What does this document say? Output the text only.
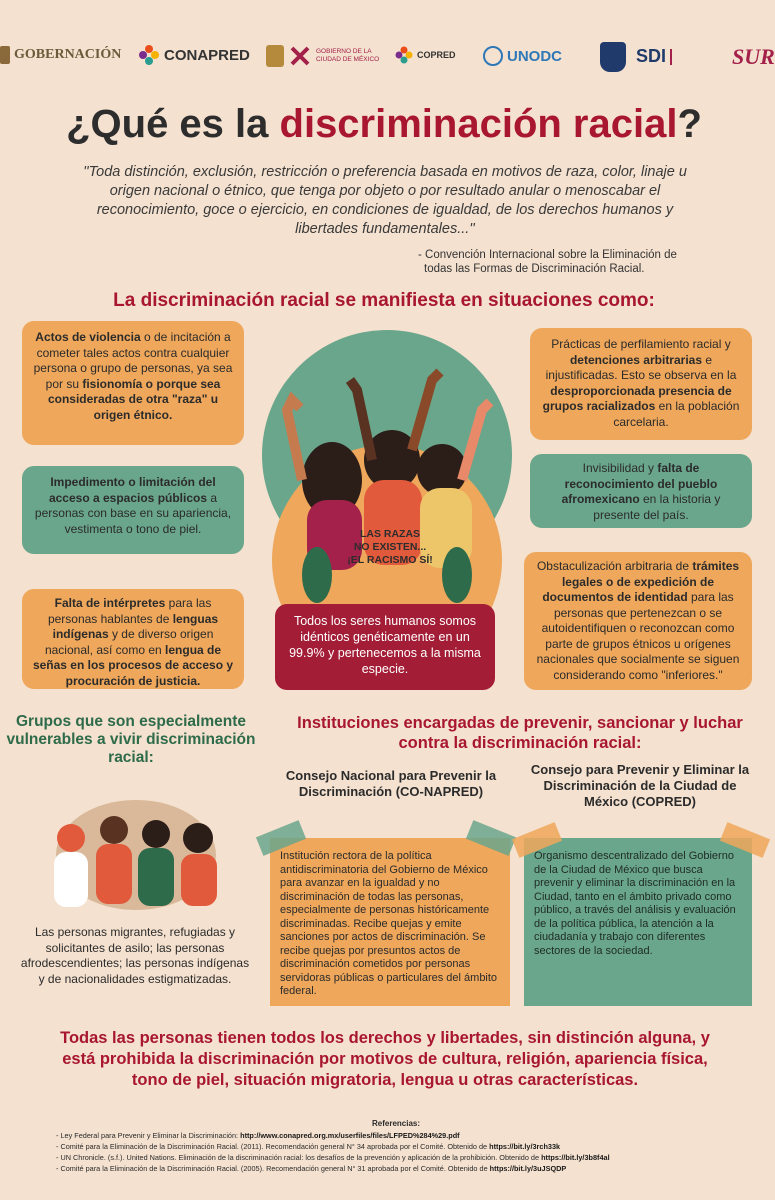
GOBERNACIÓN	CONAPRED	GOBIERNO DE LA
CIUDAD DE MÉXICO	COPRED	UNODC	SDI	SUR
¿Qué es la discriminación racial?
''Toda distinción, exclusión, restricción o preferencia basada en motivos de raza, color, linaje u origen nacional o étnico, que tenga por objeto o por resultado anular o menoscabar el reconocimiento, goce o ejercicio, en condiciones de igualdad, de los derechos humanos y libertades fundamentales...''
- Convención Internacional sobre la Eliminación de
todas las Formas de Discriminación Racial.
La discriminación racial se manifiesta en situaciones como:
Actos de violencia o de incitación a cometer tales actos contra cualquier persona o grupo de personas, ya sea por su fisionomía o porque sea consideradas de otra "raza" u origen étnico.
Impedimento o limitación del acceso a espacios públicos a personas con base en su apariencia, vestimenta o tono de piel.
Falta de intérpretes para las personas hablantes de lenguas indígenas y de diverso origen nacional, así como en lengua de señas en los procesos de acceso y procuración de justicia.
LAS RAZAS
NO EXISTEN...
¡EL RACISMO SÍ!
Todos los seres humanos somos idénticos genéticamente en un 99.9% y pertenecemos a la misma especie.
Prácticas de perfilamiento racial y detenciones arbitrarias e injustificadas. Esto se observa en la desproporcionada presencia de grupos racializados en la población carcelaria.
Invisibilidad y falta de reconocimiento del pueblo afromexicano en la historia y presente del país.
Obstaculización arbitraria de trámites legales o de expedición de documentos de identidad para las personas que pertenezcan o se autoidentifiquen o reconozcan como parte de grupos étnicos u orígenes nacionales que socialmente se siguen considerando como "inferiores."
Grupos que son especialmente vulnerables a vivir discriminación racial:
Las personas migrantes, refugiadas y solicitantes de asilo; las personas afrodescendientes; las personas indígenas y de nacionalidades estigmatizadas.
Instituciones encargadas de prevenir, sancionar y luchar contra la discriminación racial:
Consejo Nacional para Prevenir la Discriminación (CO-NAPRED)
Institución rectora de la política antidiscriminatoria del Gobierno de México para avanzar en la igualdad y no discriminación de todas las personas, especialmente de personas históricamente discriminadas. Recibe quejas y emite sanciones por actos de discriminación. Se recibe quejas por presuntos actos de discriminación cometidos por personas servidoras públicas o particulares del ámbito federal.
Consejo para Prevenir y Eliminar la Discriminación de la Ciudad de México (COPRED)
Organismo descentralizado del Gobierno de la Ciudad de México que busca prevenir y eliminar la discriminación en la Ciudad, tanto en el ámbito privado como público, a través del análisis y evaluación de la política pública, la atención a la ciudadanía y trabajo con diferentes sectores de la sociedad.
Todas las personas tienen todos los derechos y libertades, sin distinción alguna, y está prohibida la discriminación por motivos de cultura, religión, apariencia física, tono de piel, situación migratoria, lengua u otras características.
Referencias:
- Ley Federal para Prevenir y Eliminar la Discriminación: http://www.conapred.org.mx/userfiles/files/LFPED%284%29.pdf
- Comité para la Eliminación de la Discriminación Racial. (2011). Recomendación general N° 34 aprobada por el Comité. Obtenido de https://bit.ly/3rch33k
- UN Chronicle. (s.f.). United Nations. Eliminación de la discriminación racial: los desafíos de la prevención y aplicación de la prohibición. Obtenido de https://bit.ly/3b8f4al
- Comité para la Eliminación de la Discriminación Racial. (2005). Recomendación general N° 31 aprobada por el Comité. Obtenido de https://bit.ly/3uJSQDP
